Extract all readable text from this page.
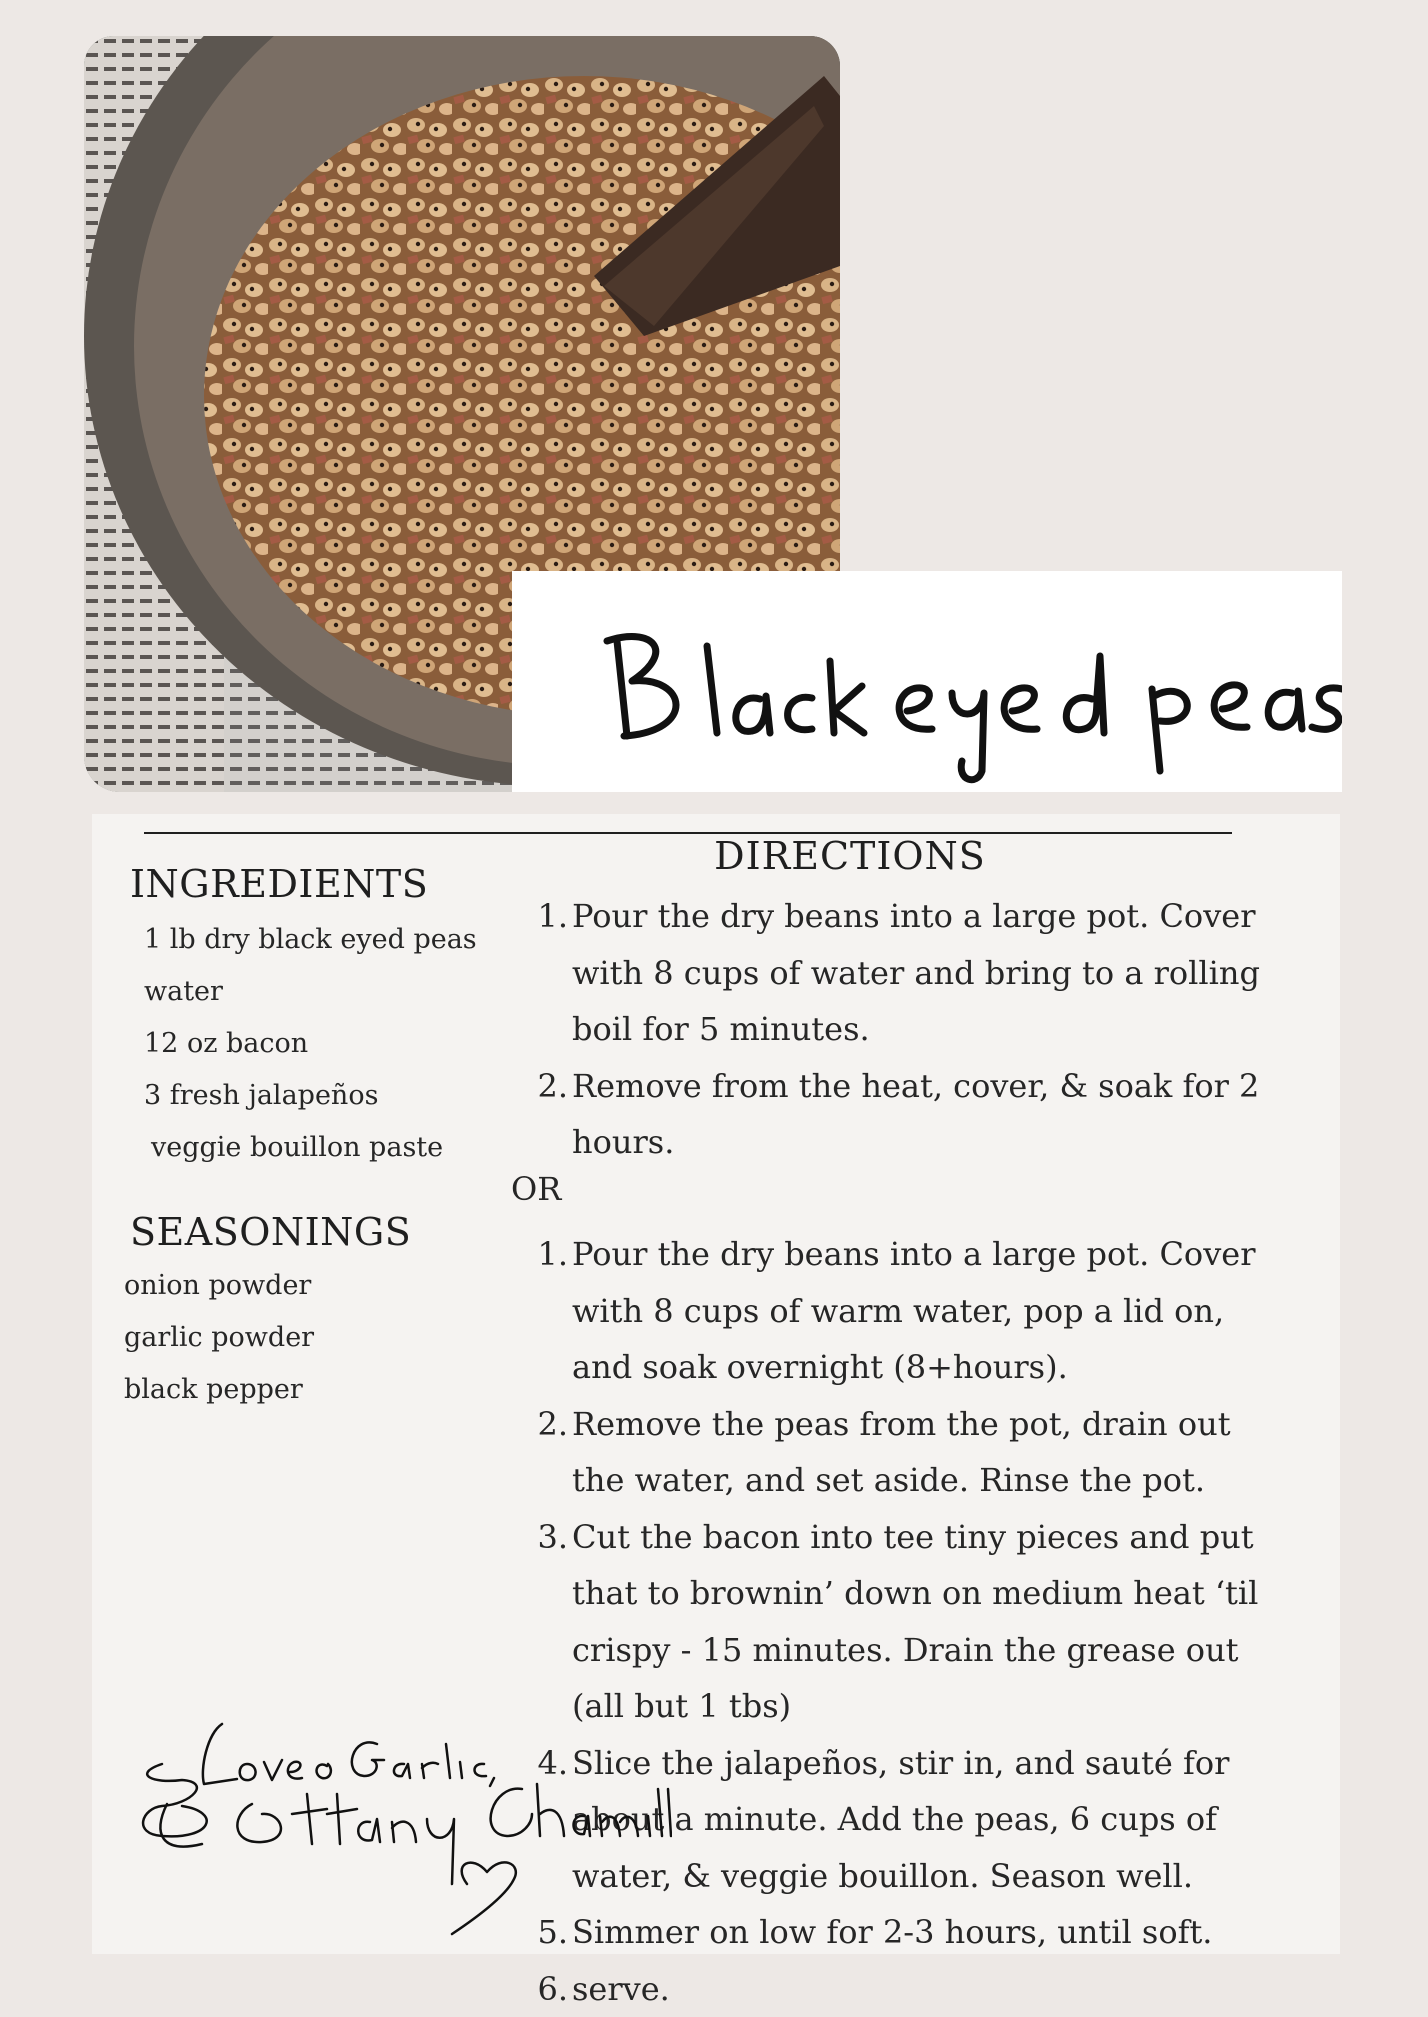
INGREDIENTS
1 lb dry black eyed peas
water
12 oz bacon
3 fresh jalapeños
veggie bouillon paste
SEASONINGS
onion powder
garlic powder
black pepper
DIRECTIONS
1. Pour the dry beans into a large pot. Cover with 8 cups of water and bring to a rolling boil for 5 minutes.
2. Remove from the heat, cover, & soak for 2 hours.
OR
1. Pour the dry beans into a large pot. Cover with 8 cups of warm water, pop a lid on, and soak overnight (8+hours).
2. Remove the peas from the pot, drain out the water, and set aside. Rinse the pot.
3. Cut the bacon into tee tiny pieces and put that to brownin’ down on medium heat ‘til crispy - 15 minutes. Drain the grease out (all but 1 tbs)
4. Slice the jalapeños, stir in, and sauté for about a minute. Add the peas, 6 cups of water, & veggie bouillon. Season well.
5. Simmer on low for 2-3 hours, until soft.
6. serve.
